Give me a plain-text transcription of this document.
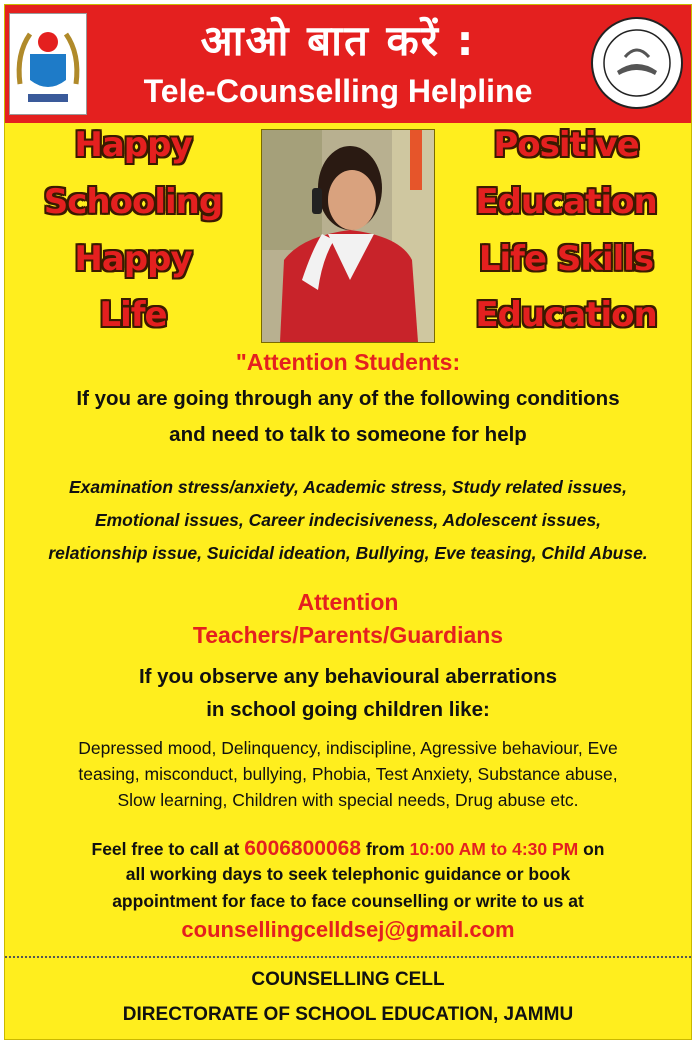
आओ बात करें :
Tele-Counselling Helpline
Happy
Schooling
Happy
Life
Positive
Education
Life Skills
Education
"Attention Students:
If you are going through any of the following conditions
and need to talk to someone for help
Examination stress/anxiety, Academic stress, Study related issues,
Emotional issues, Career indecisiveness, Adolescent issues,
relationship issue, Suicidal ideation, Bullying, Eve teasing, Child Abuse.
Attention
Teachers/Parents/Guardians
If you observe any behavioural aberrations
in school going children like:
Depressed mood, Delinquency, indiscipline, Agressive behaviour, Eve
teasing, misconduct, bullying, Phobia, Test Anxiety, Substance abuse,
Slow learning, Children with special needs, Drug abuse etc.
Feel free to call at 6006800068 from 10:00 AM to 4:30 PM on
all working days to seek telephonic guidance or book
appointment for face to face counselling or write to us at
counsellingcelldsej@gmail.com
COUNSELLING CELL
DIRECTORATE OF SCHOOL EDUCATION, JAMMU
